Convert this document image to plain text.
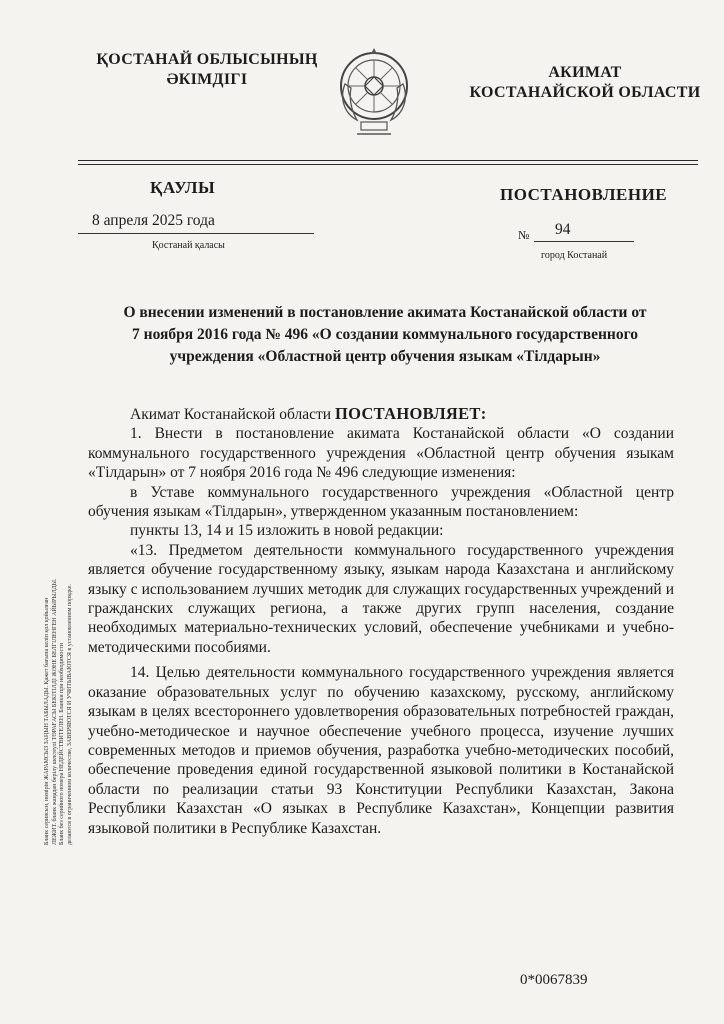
ҚОСТАНАЙ ОБЛЫСЫНЫҢ
ӘКІМДІГІ	АКИМАТ
КОСТАНАЙСКОЙ ОБЛАСТИ
ҚАУЛЫ	ПОСТАНОВЛЕНИЕ
8 апреля 2025 года
Қостанай қаласы
№ 94
город Костанай
О внесении изменений в постановление акимата Костанайской области от
7 ноября 2016 года № 496 «О создании коммунального государственного
учреждения «Областной центр обучения языкам «Тілдарын»

Акимат Костанайской области ПОСТАНОВЛЯЕТ:

1. Внести в постановление акимата Костанайской области «О создании коммунального государственного учреждения «Областной центр обучения языкам «Тілдарын» от 7 ноября 2016 года № 496 следующие изменения:

в Уставе коммунального государственного учреждения «Областной центр обучения языкам «Тілдарын», утвержденном указанным постановлением:

пункты 13, 14 и 15 изложить в новой редакции:

«13. Предметом деятельности коммунального государственного учреждения является обучение государственному языку, языкам народа Казахстана и английскому языку с использованием лучших методик для служащих государственных учреждений и гражданских служащих региона, а также других групп населения, создание необходимых материально-технических условий, обеспечение учебниками и учебно-методическими пособиями.

14. Целью деятельности коммунального государственного учреждения является оказание образовательных услуг по обучению казахскому, русскому, английскому языкам в целях всестороннего удовлетворения образовательных потребностей граждан, учебно-методическое и научное обеспечение учебного процесса, изучение лучших современных методов и приемов обучения, разработка учебно-методических пособий, обеспечение проведения единой государственной языковой политики в Костанайской области по реализации статьи 93 Конституции Республики Казахстан, Закона Республики Казахстан «О языках в Республике Казахстан», Концепции развития языковой политики в Республике Казахстан.

Бланк сериясын, нөмірін ЖАРАМСЫЗ ЗАҢЫН ТАБЫЛАДЫ. Қажет бағына келіп қол қойылған ЛЕЖИТ. бланк жаңадан берілу шектеулі ТӨРАҒАСЫ БЕКІТІЛДІ ЖӘНЕ БЕЛГІЛЕНГЕН АЙЫРЫЛДЫ. Бланк без серийного номера НЕДЕЙСТВИТЕЛЕН. Бланки при необходимости делаются в ограниченном количестве, ЗАВЕРЯЮТСЯ И УЧИТЫВАЮТСЯ в установленном порядке.
0*0067839
